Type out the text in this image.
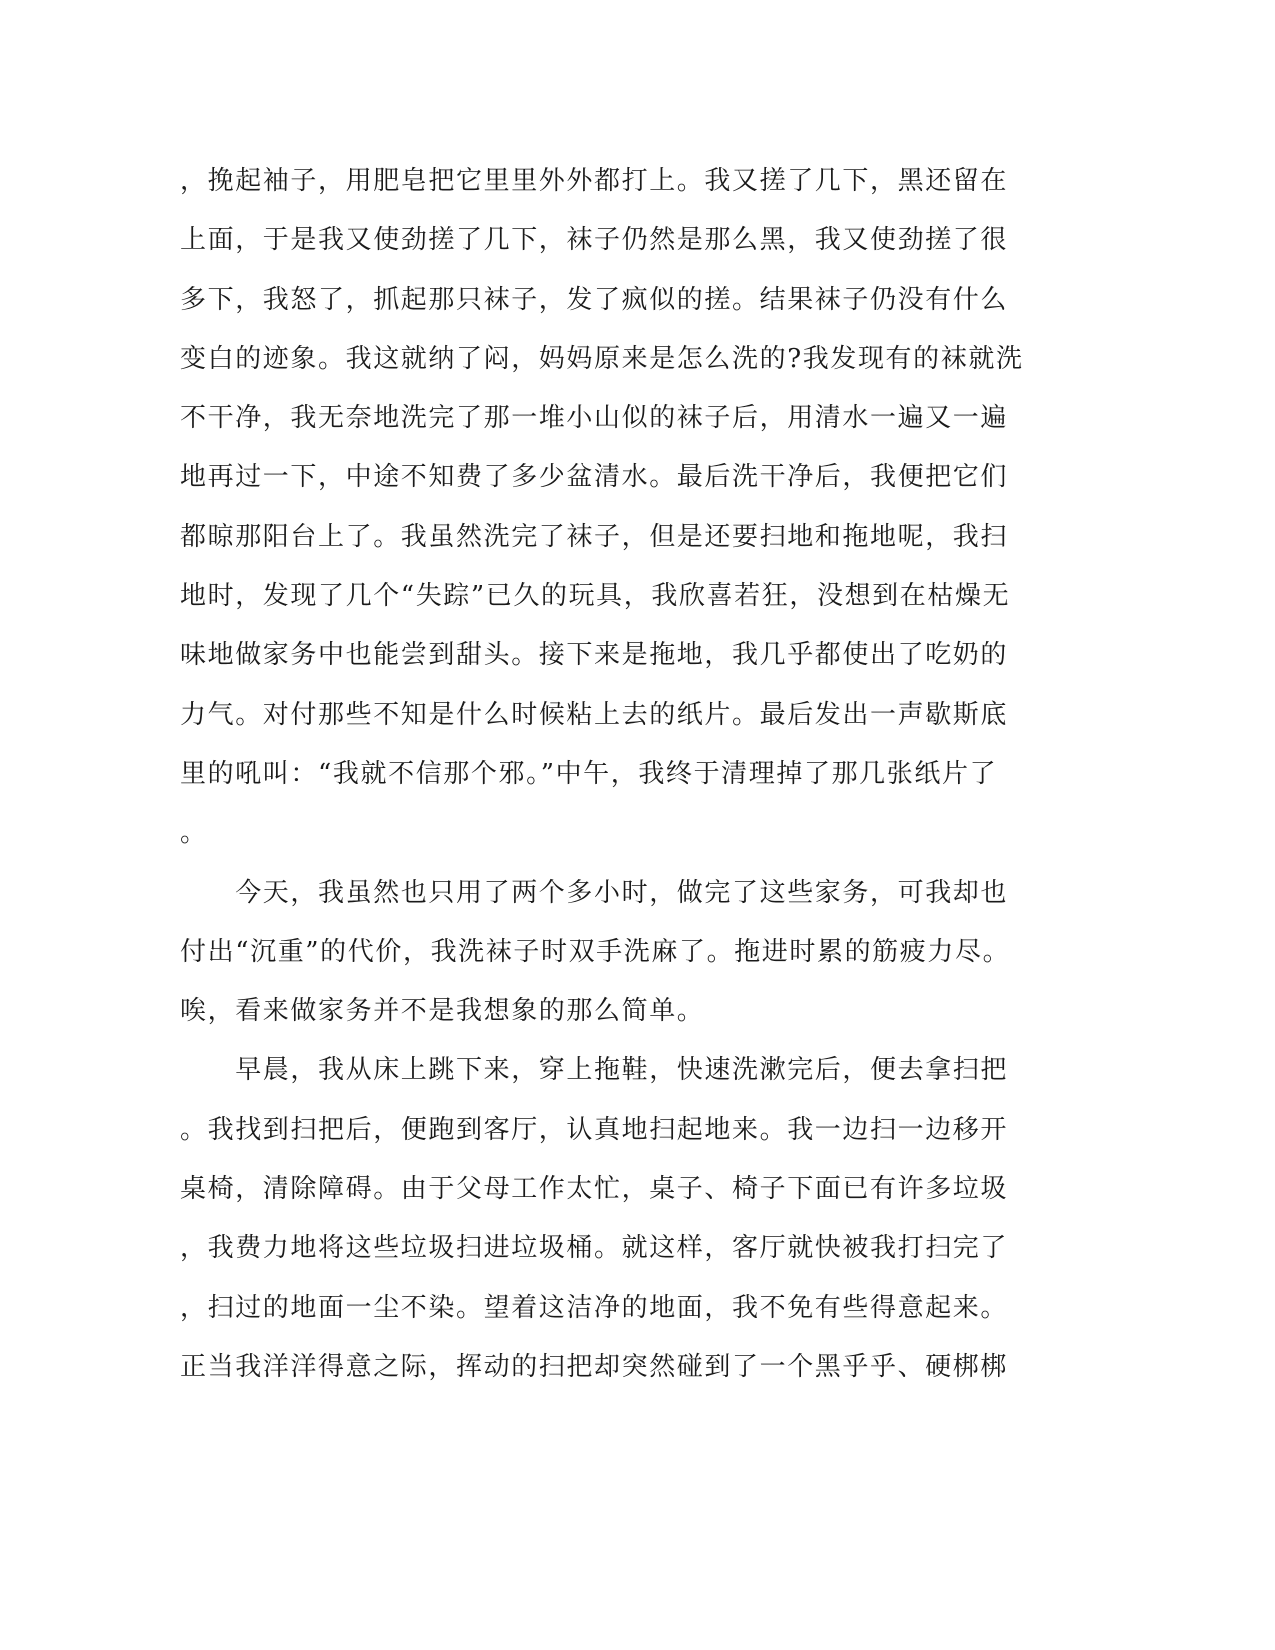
，挽起袖子，用肥皂把它里里外外都打上。我又搓了几下，黑还留在
上面，于是我又使劲搓了几下，袜子仍然是那么黑，我又使劲搓了很
多下，我怒了，抓起那只袜子，发了疯似的搓。结果袜子仍没有什么
变白的迹象。我这就纳了闷，妈妈原来是怎么洗的?我发现有的袜就洗
不干净，我无奈地洗完了那一堆小山似的袜子后，用清水一遍又一遍
地再过一下，中途不知费了多少盆清水。最后洗干净后，我便把它们
都晾那阳台上了。我虽然洗完了袜子，但是还要扫地和拖地呢，我扫
地时，发现了几个“失踪”已久的玩具，我欣喜若狂，没想到在枯燥无
味地做家务中也能尝到甜头。接下来是拖地，我几乎都使出了吃奶的
力气。对付那些不知是什么时候粘上去的纸片。最后发出一声歇斯底
里的吼叫：“我就不信那个邪。”中午，我终于清理掉了那几张纸片了
。
　　今天，我虽然也只用了两个多小时，做完了这些家务，可我却也
付出“沉重”的代价，我洗袜子时双手洗麻了。拖进时累的筋疲力尽。
唉，看来做家务并不是我想象的那么简单。
　　早晨，我从床上跳下来，穿上拖鞋，快速洗漱完后，便去拿扫把
。我找到扫把后，便跑到客厅，认真地扫起地来。我一边扫一边移开
桌椅，清除障碍。由于父母工作太忙，桌子、椅子下面已有许多垃圾
，我费力地将这些垃圾扫进垃圾桶。就这样，客厅就快被我打扫完了
，扫过的地面一尘不染。望着这洁净的地面，我不免有些得意起来。
正当我洋洋得意之际，挥动的扫把却突然碰到了一个黑乎乎、硬梆梆
